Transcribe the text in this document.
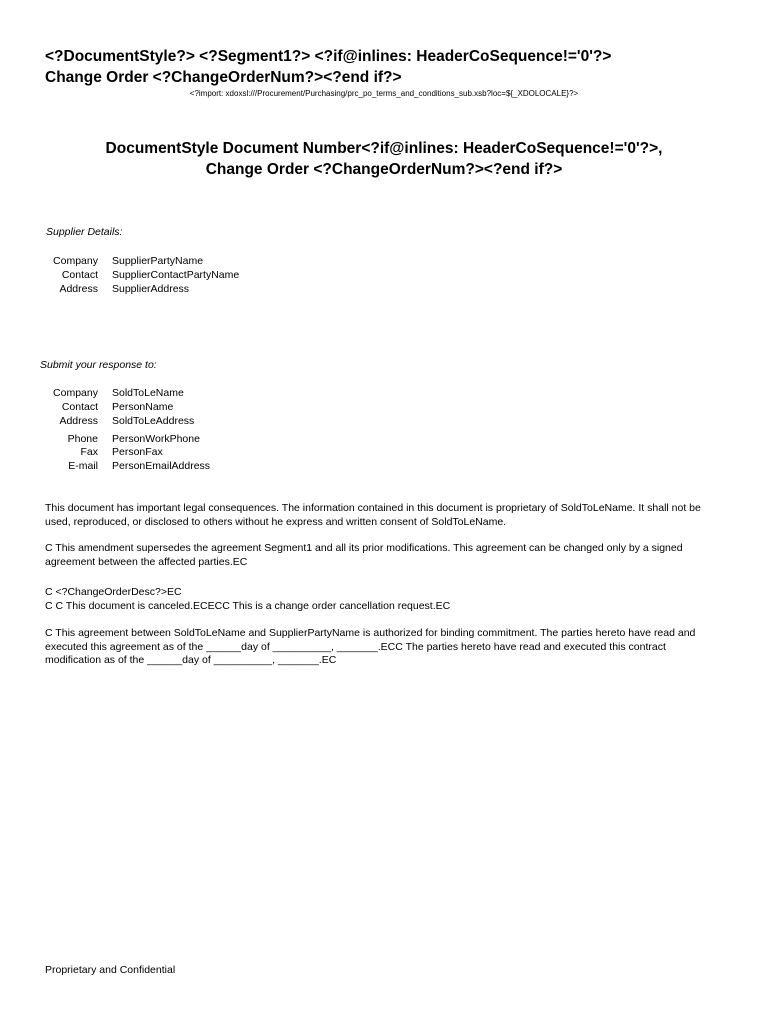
<?DocumentStyle?> <?Segment1?> <?if@inlines: HeaderCoSequence!='0'?>
Change Order <?ChangeOrderNum?><?end if?>
<?import: xdoxsl:///Procurement/Purchasing/prc_po_terms_and_conditions_sub.xsb?loc=${_XDOLOCALE}?>
DocumentStyle Document Number<?if@inlines: HeaderCoSequence!='0'?>,
Change Order <?ChangeOrderNum?><?end if?>
Supplier Details:
Company SupplierPartyName
Contact SupplierContactPartyName
Address SupplierAddress
Submit your response to:
Company SoldToLeName
Contact PersonName
Address SoldToLeAddress
Phone PersonWorkPhone
Fax PersonFax
E-mail PersonEmailAddress
This document has important legal consequences. The information contained in this document is proprietary of SoldToLeName. It shall not be used, reproduced, or disclosed to others without he express and written consent of SoldToLeName.
C This amendment supersedes the agreement Segment1 and all its prior modifications. This agreement can be changed only by a signed agreement between the affected parties.EC
C <?ChangeOrderDesc?>EC
C C This document is canceled.ECECC This is a change order cancellation request.EC
C This agreement between SoldToLeName and SupplierPartyName is authorized for binding commitment. The parties hereto have read and executed this agreement as of the ______day of __________, _______.ECC The parties hereto have read and executed this contract modification as of the ______day of __________, _______.EC
Proprietary and Confidential
